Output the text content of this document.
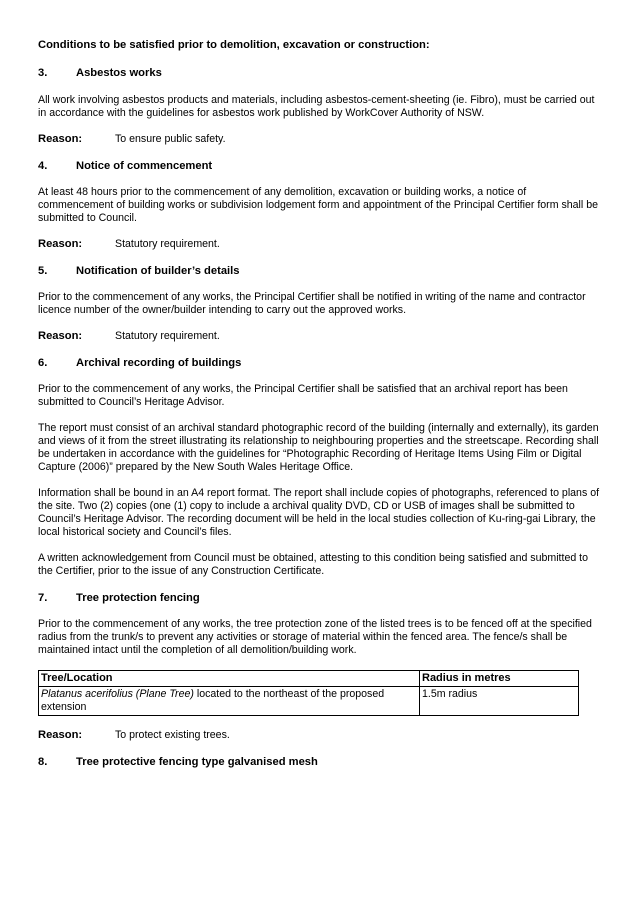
Conditions to be satisfied prior to demolition, excavation or construction:

3.	Asbestos works

All work involving asbestos products and materials, including asbestos-cement-sheeting (ie. Fibro), must be carried out in accordance with the guidelines for asbestos work published by WorkCover Authority of NSW.

Reason:	To ensure public safety.
4.	Notice of commencement

At least 48 hours prior to the commencement of any demolition, excavation or building works, a notice of commencement of building works or subdivision lodgement form and appointment of the Principal Certifier form shall be submitted to Council.

Reason:	Statutory requirement.
5.	Notification of builder’s details

Prior to the commencement of any works, the Principal Certifier shall be notified in writing of the name and contractor licence number of the owner/builder intending to carry out the approved works.

Reason:	Statutory requirement.
6.	Archival recording of buildings

Prior to the commencement of any works, the Principal Certifier shall be satisfied that an archival report has been submitted to Council’s Heritage Advisor.

The report must consist of an archival standard photographic record of the building (internally and externally), its garden and views of it from the street illustrating its relationship to neighbouring properties and the streetscape. Recording shall be undertaken in accordance with the guidelines for “Photographic Recording of Heritage Items Using Film or Digital Capture (2006)” prepared by the New South Wales Heritage Office.

Information shall be bound in an A4 report format. The report shall include copies of photographs, referenced to plans of the site. Two (2) copies (one (1) copy to include a archival quality DVD, CD or USB of images shall be submitted to Council’s Heritage Advisor. The recording document will be held in the local studies collection of Ku-ring-gai Library, the local historical society and Council’s files.

A written acknowledgement from Council must be obtained, attesting to this condition being satisfied and submitted to the Certifier, prior to the issue of any Construction Certificate.

7.	Tree protection fencing

Prior to the commencement of any works, the tree protection zone of the listed trees is to be fenced off at the specified radius from the trunk/s to prevent any activities or storage of material within the fenced area. The fence/s shall be maintained intact until the completion of all demolition/building work.

Tree/Location	Radius in metres
Platanus acerifolius (Plane Tree) located to the northeast of the proposed extension	1.5m radius
Reason:	To protect existing trees.
8.	Tree protective fencing type galvanised mesh
